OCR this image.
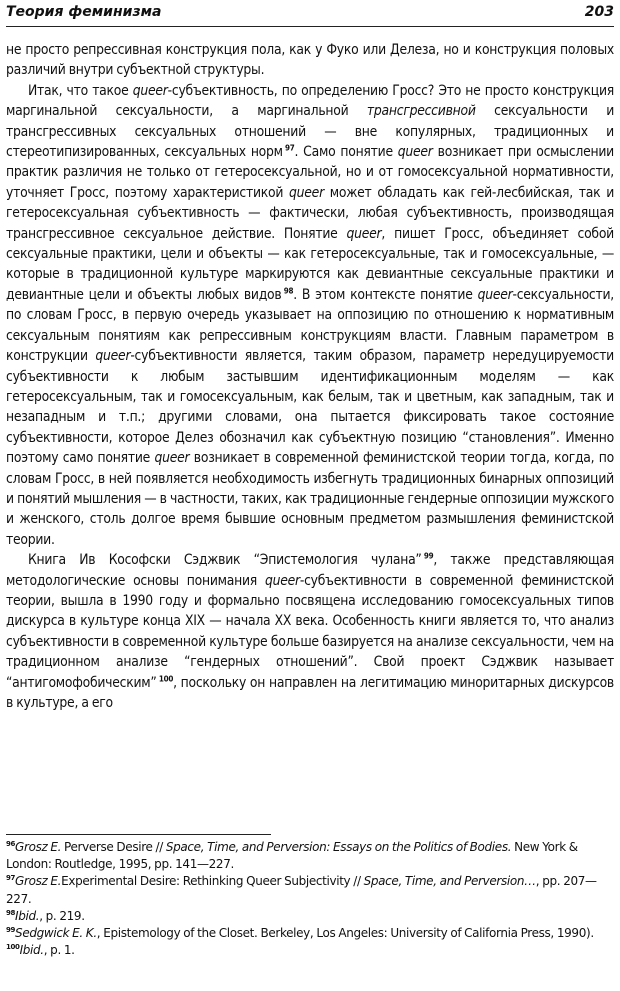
Теория феминизма	203

не просто репрессивная конструкция пола, как у Фуко или Делеза, но и конструкция половых различий внутри субъектной структуры.

Итак, что такое queer-субъективность, по определению Гросс? Это не просто конструкция маргинальной сексуальности, а маргинальной трансгрессивной сексуальности и трансгрессивных сексуальных отношений — вне копулярных, традиционных и стереотипизированных, сексуальных норм  $^{97}$. Само понятие queer возникает при осмыслении практик различия не только от гетеросексуальной, но и от гомосексуальной нормативности, уточняет Гросс, поэтому характеристикой queer может обладать как гей-лесбийская, так и гетеросексуальная субъективность — фактически, любая субъективность, производящая трансгрессивное сексуальное действие. Понятие queer, пишет Гросс, объединяет собой сексуальные практики, цели и объекты — как гетеросексуальные, так и гомосексуальные, — которые в традиционной культуре маркируются как девиантные сексуальные практики и девиантные цели и объекты любых видов  $^{98}$. В этом контексте понятие queer-сексуальности, по словам Гросс, в первую очередь указывает на оппозицию по отношению к нормативным сексуальным понятиям как репрессивным конструкциям власти. Главным параметром в конструкции queer-субъективности является, таким образом, параметр нередуцируемости субъективности к любым застывшим идентификационным моделям — как гетеросексуальным, так и гомосексуальным, как белым, так и цветным, как западным, так и незападным и т.п.; другими словами, она пытается фиксировать такое состояние субъективности, которое Делез обозначил как субъектную позицию “становления”. Именно поэтому само понятие queer возникает в современной феминистской теории тогда, когда, по словам Гросс, в ней появляется необходимость избегнуть традиционных бинарных оппозиций и понятий мышления — в частности, таких, как традиционные гендерные оппозиции мужского и женского, столь долгое время бывшие основным предметом размышления феминистской теории.

Книга Ив Кософски Сэджвик “Эпистемология чулана”  $^{99}$, также представляющая методологические основы понимания queer-субъективности в современной феминистской теории, вышла в 1990 году и формально посвящена исследованию гомосексуальных типов дискурса в культуре конца XIX — начала XX века. Особенность книги является то, что анализ субъективности в современной культуре больше базируется на анализе сексуальности, чем на традиционном анализе “гендерных отношений”. Свой проект Сэджвик называет “антигомофобическим”  $^{100}$, поскольку он направлен на легитимацию миноритарных дискурсов в культуре, а его

$^{96}$Grosz E. Perverse Desire // Space, Time, and Perversion: Essays on the Politics of Bodies. New York & London: Routledge, 1995, pp. 141—227.

$^{97}$Grosz E.Experimental Desire: Rethinking Queer Subjectivity // Space, Time, and Perversion…, pp. 207—227.

$^{98}$Ibid., p. 219.

$^{99}$Sedgwick E. K., Epistemology of the Closet. Berkeley, Los Angeles: University of California Press, 1990).

$^{100}$Ibid., p. 1.
